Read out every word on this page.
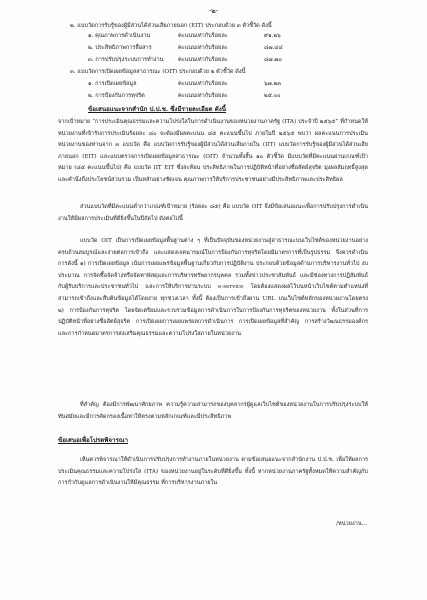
-๒-
๒. แบบวัดการรับรู้ของผู้มีส่วนได้ส่วนเสียภายนอก (EIT) ประกอบด้วย ๓ ตัวชี้วัด ดังนี้
๑. คุณภาพการดำเนินงาน	คะแนนเท่ากับร้อยละ	๙๑.๒๖
๒. ประสิทธิภาพการสื่อสาร	คะแนนเท่ากับร้อยละ	๘๗.๔๔
๓. การปรับปรุงระบบการทำงาน	คะแนนเท่ากับร้อยละ	๘๗.๗๐
๓. แบบวัดการเปิดเผยข้อมูลสาธารณะ (OIT) ประกอบด้วย ๒ ตัวชี้วัด ดังนี้
๑. การเปิดเผยข้อมูล	คะแนนเท่ากับร้อยละ	๖๗.๒๓
๒. การป้องกันการทุจริต	คะแนนเท่ากับร้อยละ	๒๕.๐๐
ข้อเสนอแนะจากสำนัก ป.ป.ช. ซึ่งมีรายละเอียด ดังนี้
จากเป้าหมาย “การประเมินคุณธรรมและความโปร่งใสในการดำเนินงานของหน่วยงานภาครัฐ (ITA) ประจำปี ๒๕๖๕” ที่กำหนดให้หน่วยงานที่เข้ารับการประเมินร้อยละ ๘๐ จะต้องมีผลคะแนน ๘๕ คะแนนขึ้นไป ภายในปี ๒๕๖๕ พบว่า ผลคะแนนการประเมินหน่วยงานของท่านจาก ๓ แบบวัด คือ แบบวัดการรับรู้ของผู้มีส่วนได้ส่วนเสียภายใน (IIT) แบบวัดการรับรู้ของผู้มีส่วนได้ส่วนเสียภายนอก (EIT) และแบบตรวจการเปิดเผยข้อมูลสาธารณะ (OIT) จำนวนทั้งสิ้น ๑๐ ตัวชี้วัด มีแบบวัดที่มีคะแนนผ่านเกณฑ์เป้าหมาย (๘๕ คะแนนขึ้นไป) คือ แบบวัด IIT EIT ซึ่งสะท้อน ประสิทธิภาพในการปฏิบัติหน้าที่อย่างซื่อสัตย์สุจริต มุ่งผลสัมฤทธิ์สูงสุดและคำนึงถึงประโยชน์ส่วนรวม เป็นหลักอย่างชัดเจน คุณภาพการให้บริการประชาชนอย่างมีประสิทธิภาพและประสิทธิผล
ส่วนแบบวัดที่มีคะแนนต่ำกว่าเกณฑ์เป้าหมาย (ร้อยละ ๘๕) คือ แบบวัด OIT จึงมีข้อเสนอแนะเพื่อการปรับปรุงการดำเนินงานให้มีผลการประเมินที่ดียิ่งขึ้นในปีถัดไป ดังต่อไปนี้
แบบวัด OIT เป็นการเปิดเผยข้อมูลพื้นฐานต่าง ๆ ที่เป็นปัจจุบันของหน่วยงานสู่สาธารณะบนเว็บไซต์ของหน่วยงานอย่างครบถ้วนสมบูรณ์และง่ายต่อการเข้าถึง และแสดงเจตนารมณ์ในการป้องกันการทุจริตโดยมีมาตรการที่เป็นรูปธรรม จึงควรดำเนินการดังนี้ ๑) การเปิดเผยข้อมูล เน้นการเผยแพร่ข้อมูลพื้นฐานเกี่ยวกับการปฏิบัติงาน ประกอบด้วยข้อมูลด้านการบริหารงานทั่วไป งบประมาณ การจัดซื้อจัดจ้างหรือจัดหาพัสดุและการบริหารทรัพยากรบุคคล รวมทั้งข่าวประชาสัมพันธ์ และมีช่องทางการปฏิสัมพันธ์กับผู้รับบริการและประชาชนทั่วไป และการให้บริการผ่านระบบ e-service โดยต้องแสดงผลไว้บนหน้าเว็บไซต์ตามตำแหน่งที่สามารถเข้าถึงและสืบค้นข้อมูลได้โดยง่าย ทุกช่วงเวลา ทั้งนี้ ต้องเป็นการเข้าถึงผ่าน URL บนเว็บไซต์หลักของหน่วยงานโดยตรง ๒) การป้องกันการทุจริต โดยจัดเตรียมและรวบรวมข้อมูลการดำเนินการในการป้องกันการทุจริตของหน่วยงาน ทั้งในส่วนที่การปฏิบัติหน้าที่อย่างซื่อสัตย์สุจริต การเปิดเผยการเผยแพร่ผลการดำเนินการ การเปิดเผยข้อมูลที่สำคัญ การสร้างวัฒนธรรมองค์กร และการกำหนดมาตรการส่งเสริมคุณธรรมและความโปร่งใสภายในหน่วยงาน
ที่สำคัญ ต้องมีการพัฒนาศักยภาพ ความรู้ความสามารถของบุคลากรผู้ดูแลเว็บไซต์ของหน่วยงานในการปรับปรุงระบบให้ทันสมัยและมีการคัดกรองเนื้อหาให้ตรงตามหลักเกณฑ์และมีประสิทธิภาพ
ข้อเสนอเพื่อโปรดพิจารณา
เห็นควรพิจารณาให้ดำเนินการปรับปรุงการทำงานภายในหน่วยงาน ตามข้อเสนอแนะจากสำนักงาน ป.ป.ช. เพื่อให้ผลการประเมินคุณธรรมและความโปร่งใส (ITA) ของหน่วยงานอยู่ในระดับที่ดียิ่งขึ้น ทั้งนี้ หากหน่วยงานภาครัฐทั้งหมดให้ความสำคัญกับการกำกับดูแลการดำเนินงานให้มีคุณธรรม ที่การบริหารงานภายใน
/หน่วยงาน...
